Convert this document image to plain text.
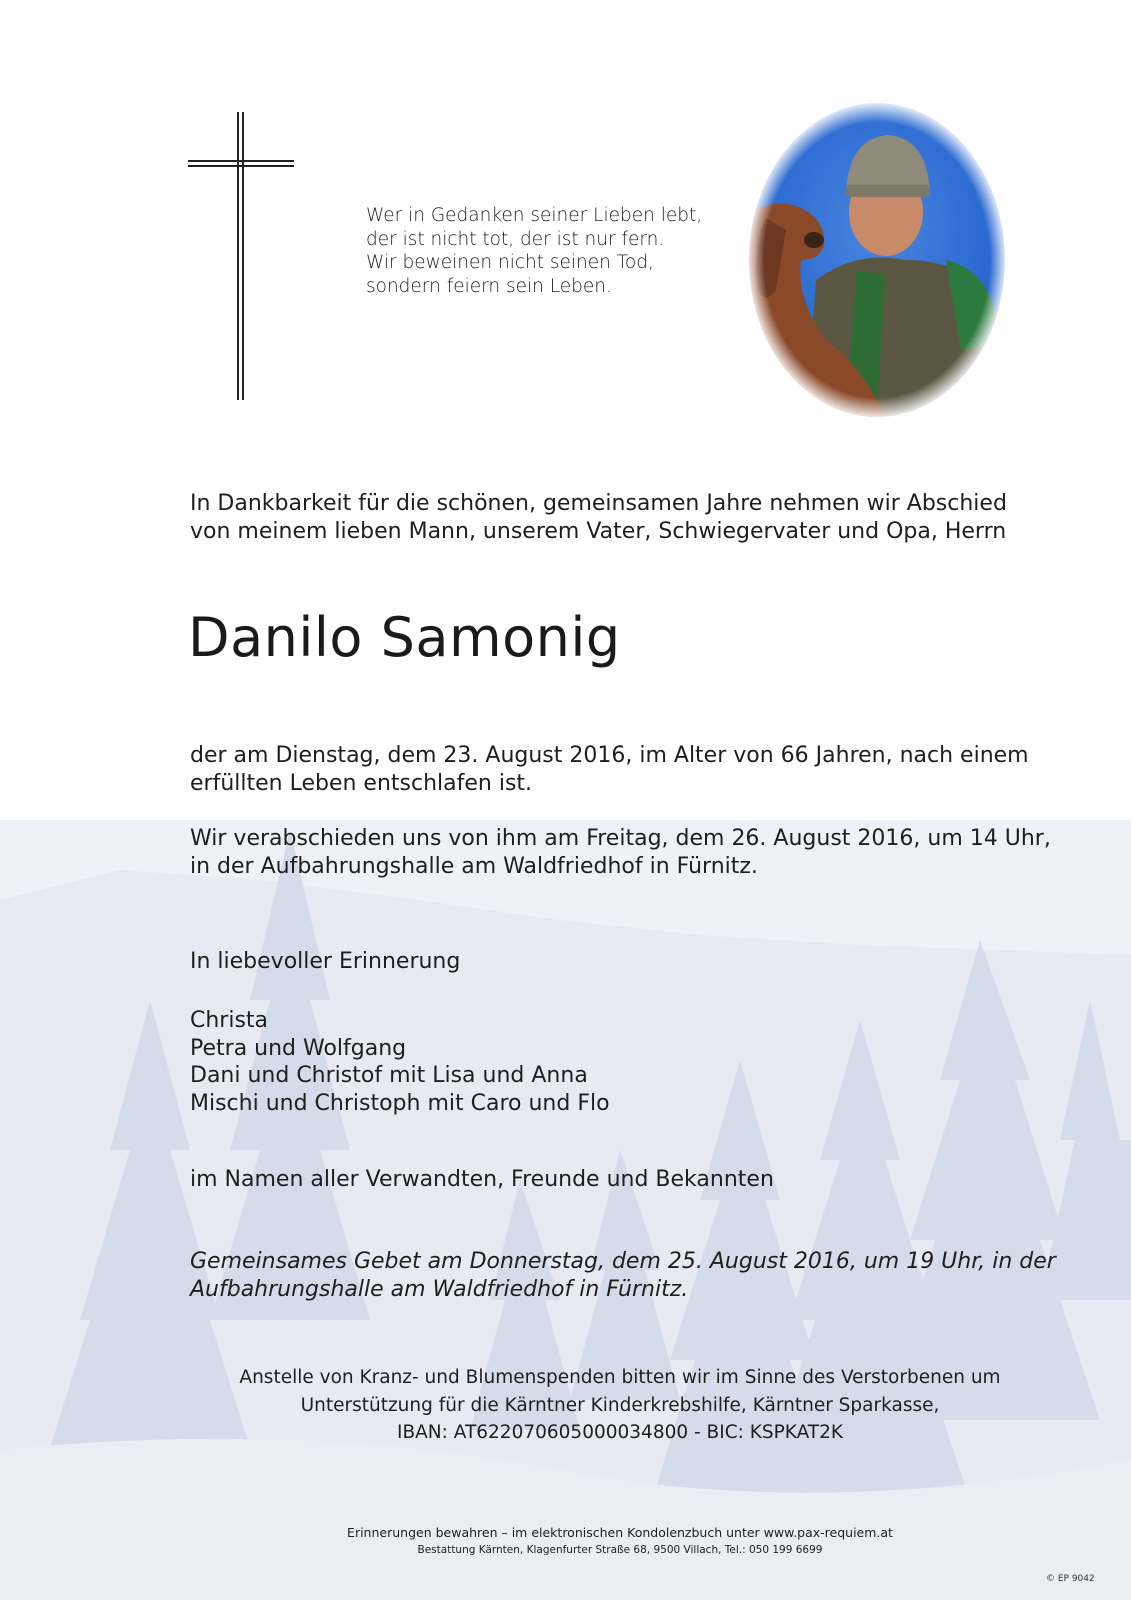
Wer in Gedanken seiner Lieben lebt,
der ist nicht tot, der ist nur fern.
Wir beweinen nicht seinen Tod,
sondern feiern sein Leben.
In Dankbarkeit für die schönen, gemeinsamen Jahre nehmen wir Abschied
von meinem lieben Mann, unserem Vater, Schwiegervater und Opa, Herrn
Danilo Samonig
der am Dienstag, dem 23. August 2016, im Alter von 66 Jahren, nach einem
erfüllten Leben entschlafen ist.
Wir verabschieden uns von ihm am Freitag, dem 26. August 2016, um 14 Uhr,
in der Aufbahrungshalle am Waldfriedhof in Fürnitz.
In liebevoller Erinnerung
Christa
Petra und Wolfgang
Dani und Christof mit Lisa und Anna
Mischi und Christoph mit Caro und Flo
im Namen aller Verwandten, Freunde und Bekannten
Gemeinsames Gebet am Donnerstag, dem 25. August 2016, um 19 Uhr, in der
Aufbahrungshalle am Waldfriedhof in Fürnitz.
Anstelle von Kranz- und Blumenspenden bitten wir im Sinne des Verstorbenen um
Unterstützung für die Kärntner Kinderkrebshilfe, Kärntner Sparkasse,
IBAN: AT622070605000034800 - BIC: KSPKAT2K
Erinnerungen bewahren – im elektronischen Kondolenzbuch unter www.pax-requiem.at
Bestattung Kärnten, Klagenfurter Straße 68, 9500 Villach, Tel.: 050 199 6699
© EP 9042
